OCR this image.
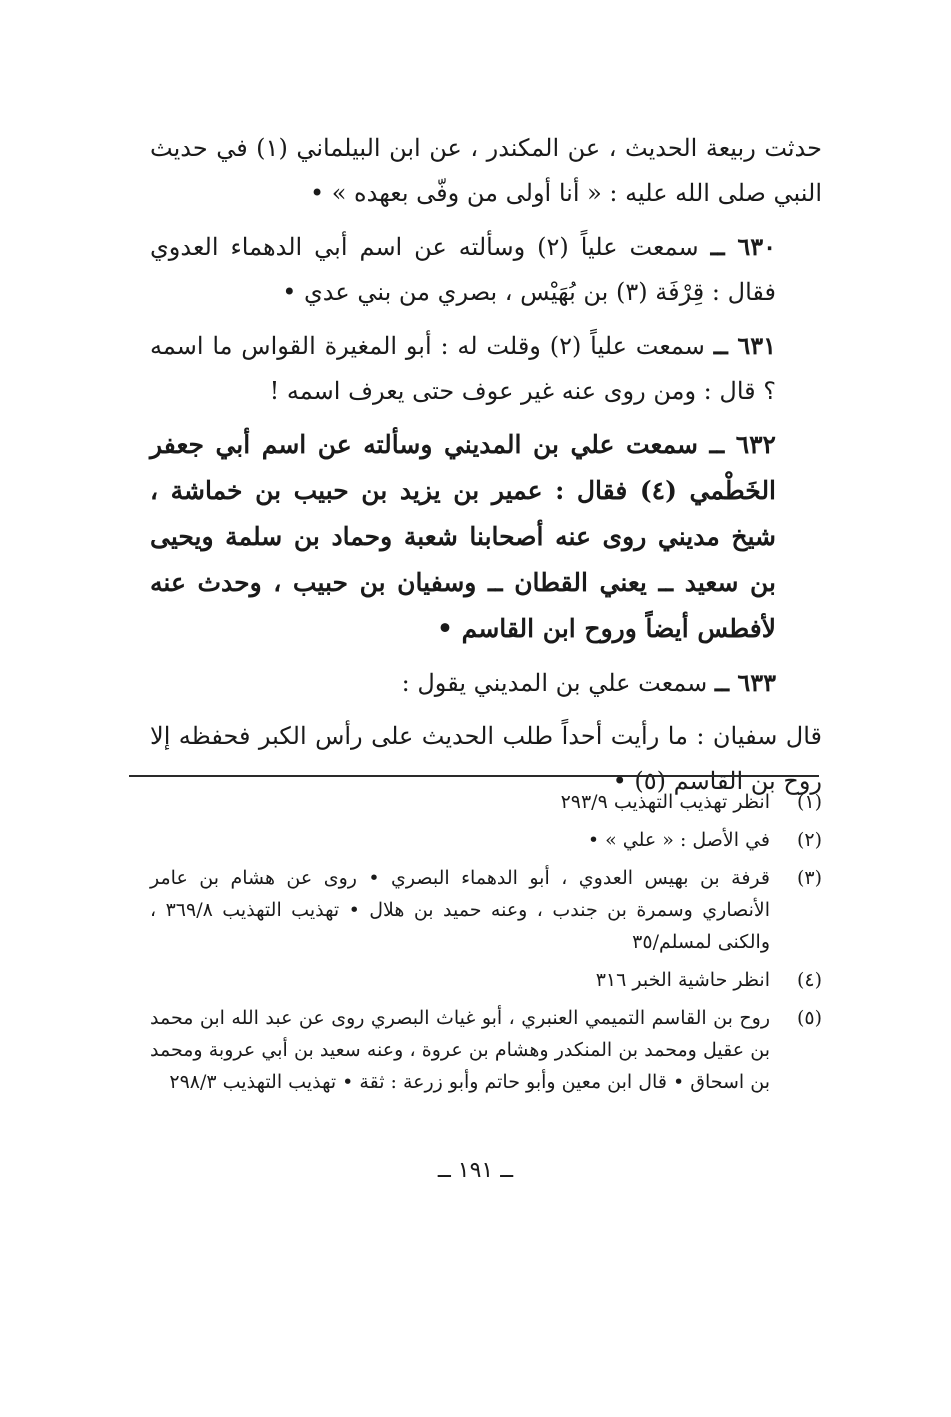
حدثت ربيعة الحديث ، عن المكندر ، عن ابن البيلماني (١) في حديث النبي صلى الله عليه : « أنا أولى من وفّى بعهده » •

٦٣٠ ــ سمعت علياً (٢) وسألته عن اسم أبي الدهماء العدوي فقال : قِرْفَة (٣) بن بُهَيْس ، بصري من بني عدي •

٦٣١ ــ سمعت علياً (٢) وقلت له : أبو المغيرة القواس ما اسمه ؟ قال : ومن روى عنه غير عوف حتى يعرف اسمه !

٦٣٢ ــ سمعت علي بن المديني وسألته عن اسم أبي جعفر الخَطْمي (٤) فقال : عمير بن يزيد بن حبيب بن خماشة ، شيخ مديني روى عنه أصحابنا شعبة وحماد بن سلمة ويحيى بن سعيد ــ يعني القطان ــ وسفيان بن حبيب ، وحدث عنه لأفطس أيضاً وروح ابن القاسم •

٦٣٣ ــ سمعت علي بن المديني يقول :

قال سفيان : ما رأيت أحداً طلب الحديث على رأس الكبر فحفظه إلا روح بن القاسم (٥) •

(١)
انظر تهذيب التهذيب ٢٩٣/٩
(٢)
في الأصل : « علي » •
(٣)
قرفة بن بهيس العدوي ، أبو الدهماء البصري • روى عن هشام بن عامر الأنصاري وسمرة بن جندب ، وعنه حميد بن هلال • تهذيب التهذيب ٣٦٩/٨ ، والكنى لمسلم/٣٥
(٤)
انظر حاشية الخبر ٣١٦
(٥)
روح بن القاسم التميمي العنبري ، أبو غياث البصري روى عن عبد الله ابن محمد بن عقيل ومحمد بن المنكدر وهشام بن عروة ، وعنه سعيد بن أبي عروبة ومحمد بن اسحاق • قال ابن معين وأبو حاتم وأبو زرعة : ثقة • تهذيب التهذيب ٢٩٨/٣
ــ ١٩١ ــ
